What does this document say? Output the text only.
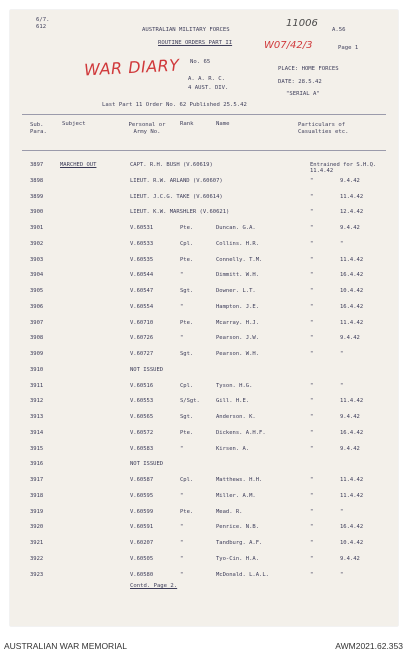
6/7.
612	11006
AUSTRALIAN MILITARY FORCES	A.56
ROUTINE ORDERS PART II	W07/42/3	Page 1
WAR DIARY No. 65
PLACE: HOME FORCES
A. A. R. C.	DATE: 28.5.42
4 AUST. DIV.
"SERIAL A"
Last Part 11 Order No. 62 Published 25.5.42
Sub. Para.
Subject	Personal or Army No.
Rank	Name	Particulars of Casualties etc.
3897	MARCHED OUT	CAPT. R.H. BUSH (V.60619)	Entrained for S.H.Q. 11.4.42
3898	LIEUT. R.W. ARLAND (V.60607)	"	9.4.42
3899	LIEUT. J.C.G. TAKE (V.60614)	"	11.4.42
3900	LIEUT. K.W. MARSHLER (V.60621)	"	12.4.42
3901	V.60531	Pte.	Duncan. G.A.	"	9.4.42
3902	V.60533	Cpl.	Collins. H.R.	"	"
3903	V.60535	Pte.	Connelly. T.M.	"	11.4.42
3904	V.60544	"	Dimmitt. W.H.	"	16.4.42
3905	V.60547	Sgt.	Downer. L.T.	"	10.4.42
3906	V.60554	"	Hampton. J.E.	"	16.4.42
3907	V.60710	Pte.	Mcarray. H.J.	"	11.4.42
3908	V.60726	"	Pearson. J.W.	"	9.4.42
3909	V.60727	Sgt.	Pearson. W.H.	"	"
3910	NOT ISSUED
3911	V.60516	Cpl.	Tyson. H.G.	"	"
3912	V.60553	S/Sgt.	Gill. H.E.	"	11.4.42
3913	V.60565	Sgt.	Anderson. K.	"	9.4.42
3914	V.60572	Pte.	Dickens. A.H.F.	"	16.4.42
3915	V.60583	"	Kirsen. A.	"	9.4.42
3916	NOT ISSUED
3917	V.60587	Cpl.	Matthews. H.H.	"	11.4.42
3918	V.60595	"	Miller. A.M.	"	11.4.42
3919	V.60599	Pte.	Mead. R.	"	"
3920	V.60591	"	Penrice. N.B.	"	16.4.42
3921	V.60207	"	Tandburg. A.F.	"	10.4.42
3922	V.60505	"	Tyo-Cin. H.A.	"	9.4.42
3923	V.60580	"	McDonald. L.A.L.	"	"
Contd. Page 2.
AUSTRALIAN WAR MEMORIAL	AWM2021.62.353
